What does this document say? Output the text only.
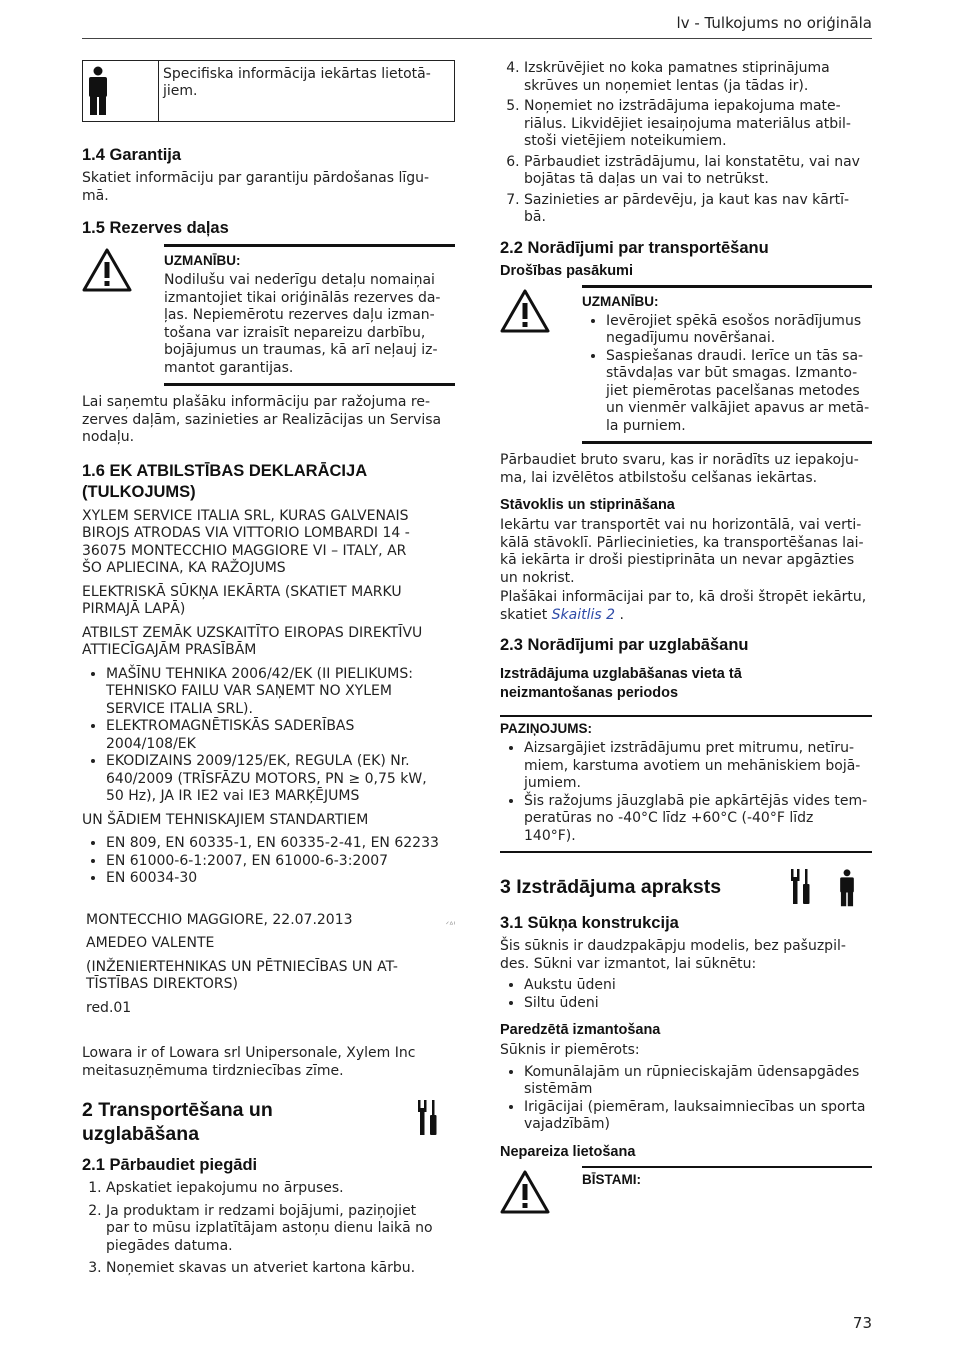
lv - Tulkojums no oriģināla
Specifiska informācija iekārtas lietotā-
jiem.
1.4 Garantija

Skatiet informāciju par garantiju pārdošanas līgu-
mā.

1.5 Rezerves daļas
UZMANĪBU:

Nodilušu vai nederīgu detaļu nomaiņai
izmantojiet tikai oriģinālās rezerves da-
ļas. Nepiemērotu rezerves daļu izman-
tošana var izraisīt nepareizu darbību,
bojājumus un traumas, kā arī neļauj iz-
mantot garantijas.

Lai saņemtu plašāku informāciju par ražojuma re-
zerves daļām, sazinieties ar Realizācijas un Servisa
nodaļu.

1.6 EK ATBILSTĪBAS DEKLARĀCIJA
(TULKOJUMS)

XYLEM SERVICE ITALIA SRL, KURAS GALVENAIS
BIROJS ATRODAS VIA VITTORIO LOMBARDI 14 -
36075 MONTECCHIO MAGGIORE VI – ITALY, AR
ŠO APLIECINA, KA RAŽOJUMS

ELEKTRISKĀ SŪKŅA IEKĀRTA (SKATIET MARKU
PIRMAJĀ LAPĀ)

ATBILST ZEMĀK UZSKAITĪTO EIROPAS DIREKTĪVU
ATTIECĪGAJĀM PRASĪBĀM

• MAŠĪNU TEHNIKA 2006/42/EK (II PIELIKUMS:
TEHNISKO FAILU VAR SAŅEMT NO XYLEM
SERVICE ITALIA SRL).
• ELEKTROMAGNĒTISKĀS SADERĪBAS
2004/108/EK
• EKODIZAINS 2009/125/EK, REGULA (EK) Nr.
640/2009 (TRĪSFĀZU MOTORS, PN ≥ 0,75 kW,
50 Hz), JA IR IE2 vai IE3 MARĶĒJUMS

UN ŠĀDIEM TEHNISKAJIEM STANDARTIEM

• EN 809, EN 60335-1, EN 60335-2-41, EN 62233
• EN 61000-6-1:2007, EN 61000-6-3:2007
• EN 60034-30

MONTECCHIO MAGGIORE, 22.07.2013	ᐟᐞᑊ

AMEDEO VALENTE

(INŽENIERTEHNIKAS UN PĒTNIECĪBAS UN AT-
TĪSTĪBAS DIREKTORS)

red.01

Lowara ir of Lowara srl Unipersonale, Xylem Inc
meitasuzņēmuma tirdzniecības zīme.

2 Transportēšana un
uzglabāšana
2.1 Pārbaudiet piegādi
1. Apskatiet iepakojumu no ārpuses.
2. Ja produktam ir redzami bojājumi, paziņojiet
par to mūsu izplatītājam astoņu dienu laikā no
piegādes datuma.
3. Noņemiet skavas un atveriet kartona kārbu.
4. Izskrūvējiet no koka pamatnes stiprinājuma
skrūves un noņemiet lentas (ja tādas ir).
5. Noņemiet no izstrādājuma iepakojuma mate-
riālus. Likvidējiet iesaiņojuma materiālus atbil-
stoši vietējiem noteikumiem.
6. Pārbaudiet izstrādājumu, lai konstatētu, vai nav
bojātas tā daļas un vai to netrūkst.
7. Sazinieties ar pārdevēju, ja kaut kas nav kārtī-
bā.
2.2 Norādījumi par transportēšanu
Drošības pasākumi
UZMANĪBU:
• Ievērojiet spēkā esošos norādījumus
negadījumu novēršanai.
• Saspiešanas draudi. Ierīce un tās sa-
stāvdaļas var būt smagas. Izmanto-
jiet piemērotas pacelšanas metodes
un vienmēr valkājiet apavus ar metā-
la purniem.

Pārbaudiet bruto svaru, kas ir norādīts uz iepakoju-
ma, lai izvēlētos atbilstošu celšanas iekārtas.

Stāvoklis un stiprināšana

Iekārtu var transportēt vai nu horizontālā, vai verti-
kālā stāvoklī. Pārliecinieties, ka transportēšanas lai-
kā iekārta ir droši piestiprināta un nevar apgāzties
un nokrist.

Plašākai informācijai par to, kā droši štropēt iekārtu,
skatiet Skaitlis 2 .

2.3 Norādījumi par uzglabāšanu
Izstrādājuma uzglabāšanas vieta tā
neizmantošanas periodos
PAZIŅOJUMS:
• Aizsargājiet izstrādājumu pret mitrumu, netīru-
miem, karstuma avotiem un mehāniskiem bojā-
jumiem.
• Šis ražojums jāuzglabā pie apkārtējās vides tem-
peratūras no -40°C līdz +60°C (-40°F līdz
140°F).
3 Izstrādājuma apraksts
3.1 Sūkņa konstrukcija

Šis sūknis ir daudzpakāpju modelis, bez pašuzpil-
des. Sūkni var izmantot, lai sūknētu:

• Aukstu ūdeni
• Siltu ūdeni
Paredzētā izmantošana

Sūknis ir piemērots:

• Komunālajām un rūpnieciskajām ūdensapgādes
sistēmām
• Irigācijai (piemēram, lauksaimniecības un sporta
vajadzībām)
Nepareiza lietošana
BĪSTAMI:
73
